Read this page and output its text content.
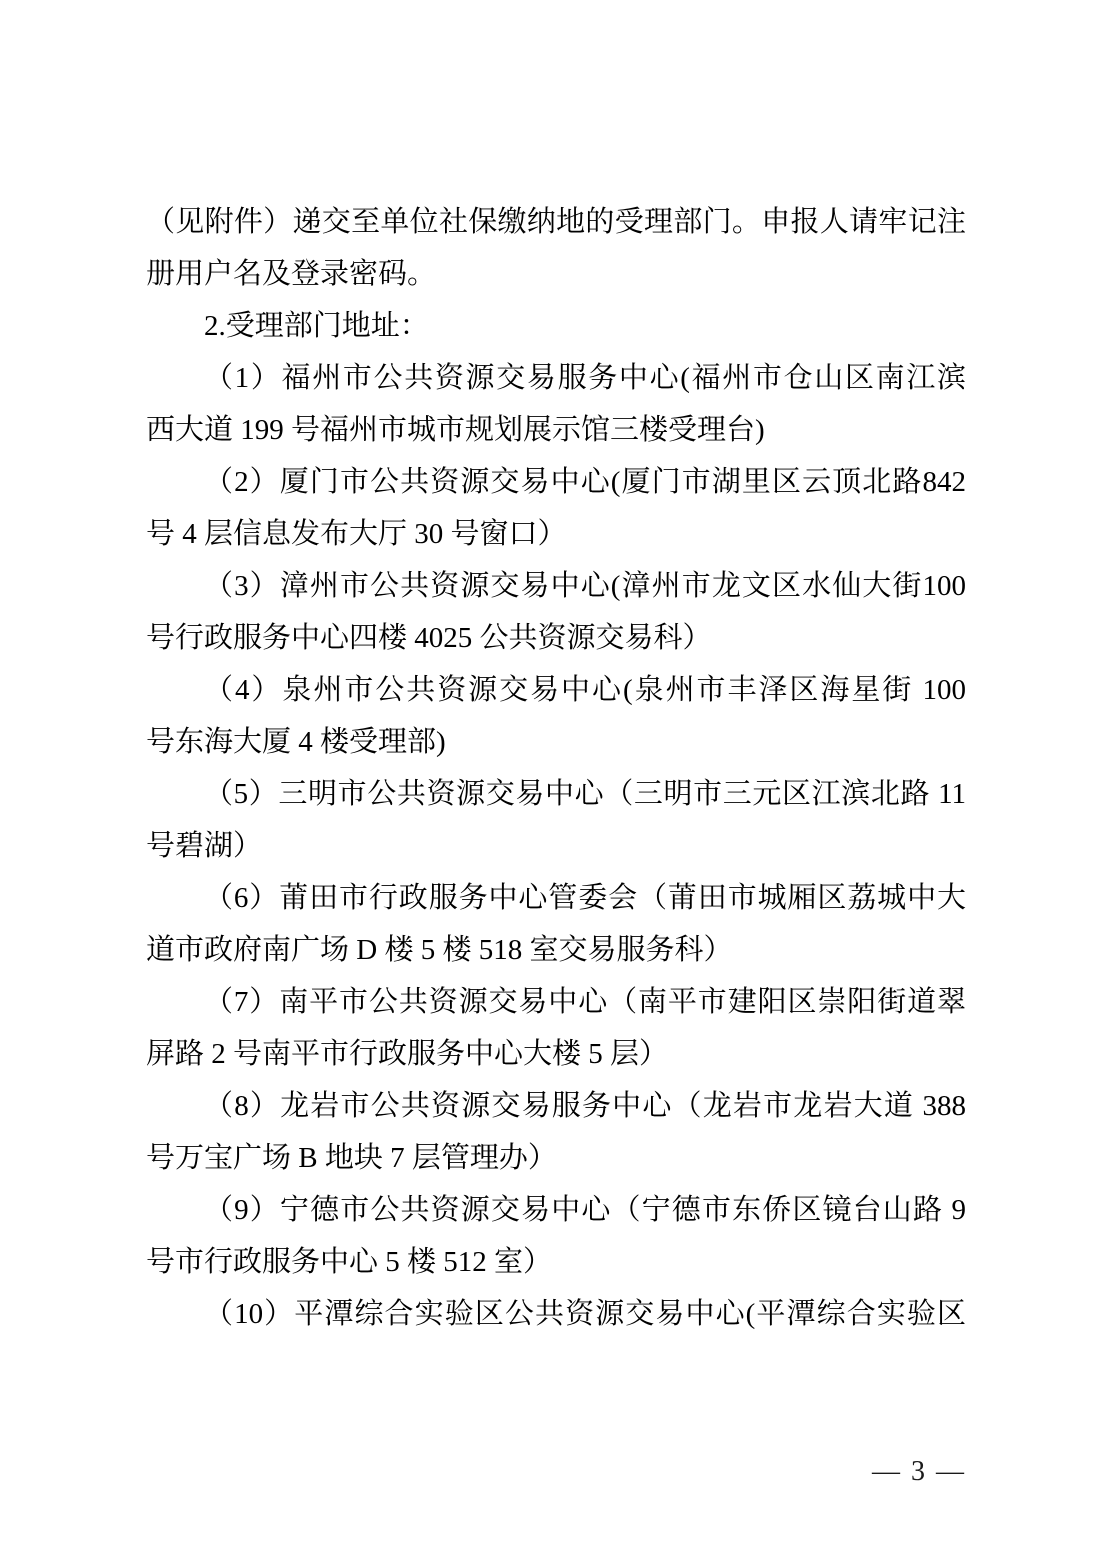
（见附件）递交至单位社保缴纳地的受理部门。申报人请牢记注
册用户名及登录密码。
2.受理部门地址：
（1）福州市公共资源交易服务中心(福州市仓山区南江滨
西大道 199 号福州市城市规划展示馆三楼受理台)
（2）厦门市公共资源交易中心(厦门市湖里区云顶北路842
号 4 层信息发布大厅 30 号窗口）
（3）漳州市公共资源交易中心(漳州市龙文区水仙大街100
号行政服务中心四楼 4025 公共资源交易科）
（4）泉州市公共资源交易中心(泉州市丰泽区海星街 100
号东海大厦 4 楼受理部)
（5）三明市公共资源交易中心（三明市三元区江滨北路 11
号碧湖）
（6）莆田市行政服务中心管委会（莆田市城厢区荔城中大
道市政府南广场 D 楼 5 楼 518 室交易服务科）
（7）南平市公共资源交易中心（南平市建阳区崇阳街道翠
屏路 2 号南平市行政服务中心大楼 5 层）
（8）龙岩市公共资源交易服务中心（龙岩市龙岩大道 388
号万宝广场 B 地块 7 层管理办）
（9）宁德市公共资源交易中心（宁德市东侨区镜台山路 9
号市行政服务中心 5 楼 512 室）
（10）平潭综合实验区公共资源交易中心(平潭综合实验区
— 3 —
